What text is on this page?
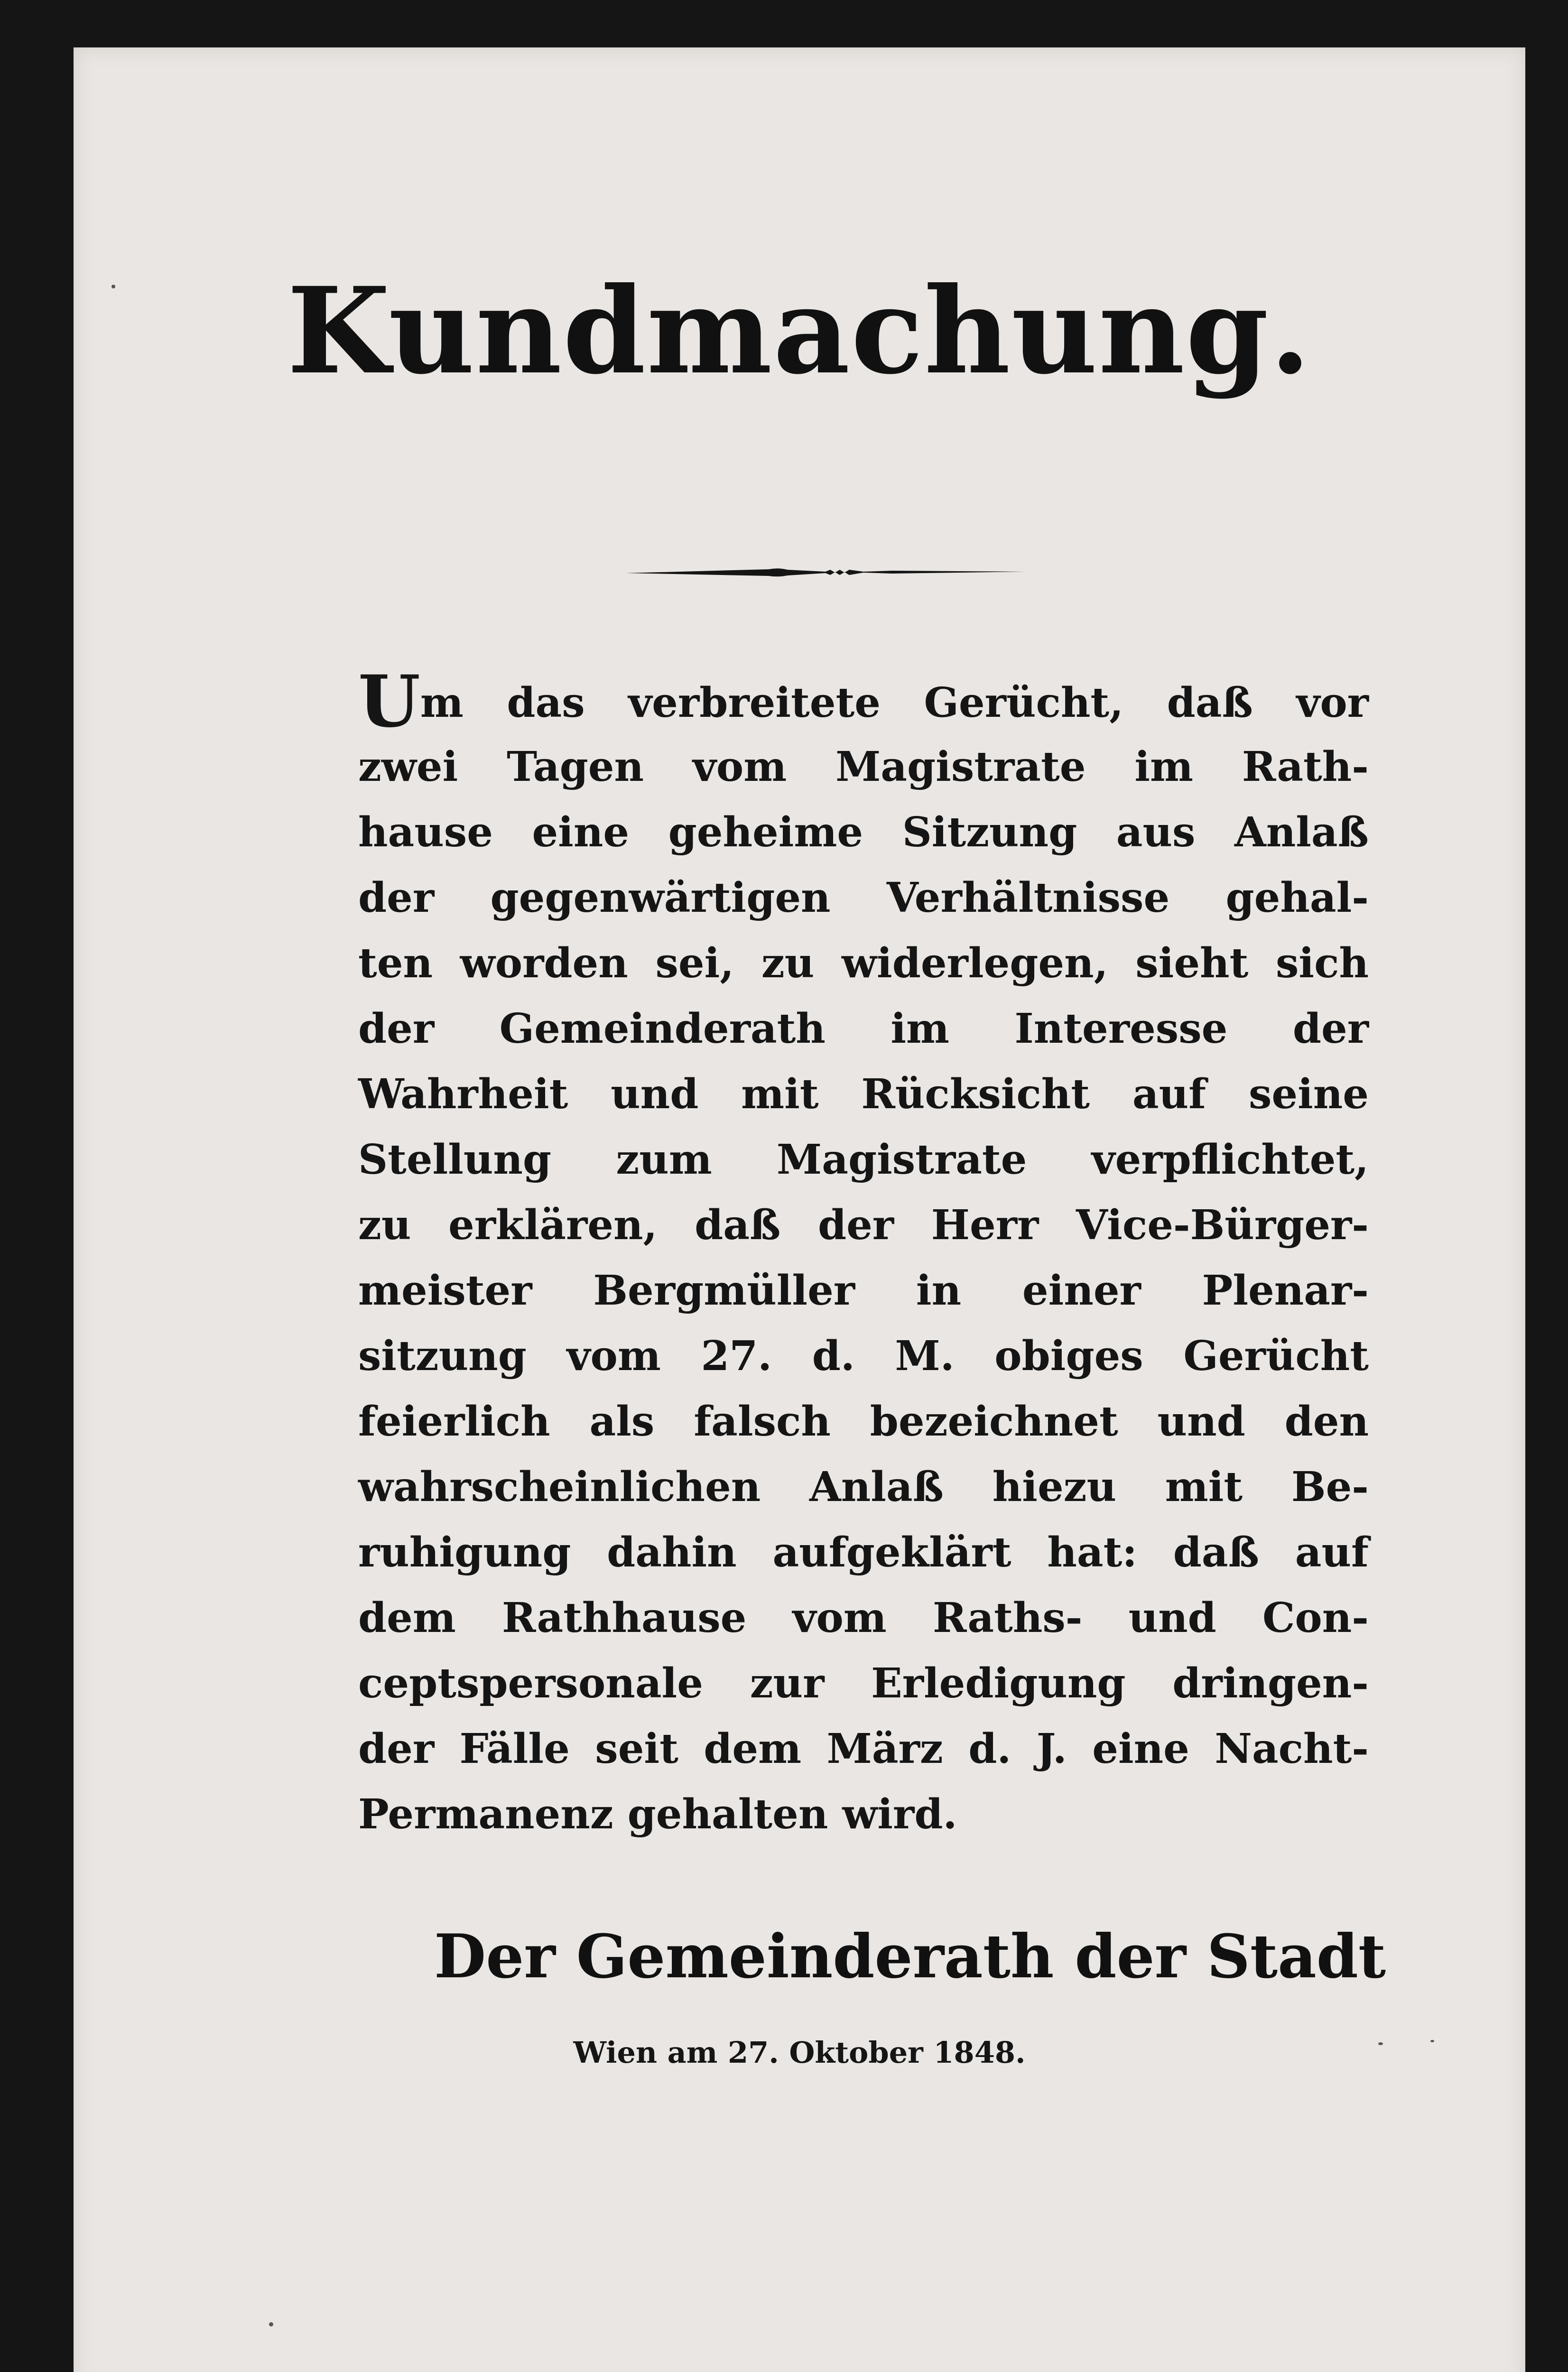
Kundmachung.
Um das verbreitete Gerücht, daß vor
zwei Tagen vom Magistrate im Rath-
hause eine geheime Sitzung aus Anlaß
der gegenwärtigen Verhältnisse gehal-
ten worden sei, zu widerlegen, sieht sich
der Gemeinderath im Interesse der
Wahrheit und mit Rücksicht auf seine
Stellung zum Magistrate verpflichtet,
zu erklären, daß der Herr Vice-Bürger-
meister Bergmüller in einer Plenar-
sitzung vom 27. d. M. obiges Gerücht
feierlich als falsch bezeichnet und den
wahrscheinlichen Anlaß hiezu mit Be-
ruhigung dahin aufgeklärt hat: daß auf
dem Rathhause vom Raths- und Con-
ceptspersonale zur Erledigung dringen-
der Fälle seit dem März d. J. eine Nacht-
Permanenz gehalten wird.
Der Gemeinderath der Stadt
Wien am 27. Oktober 1848.
